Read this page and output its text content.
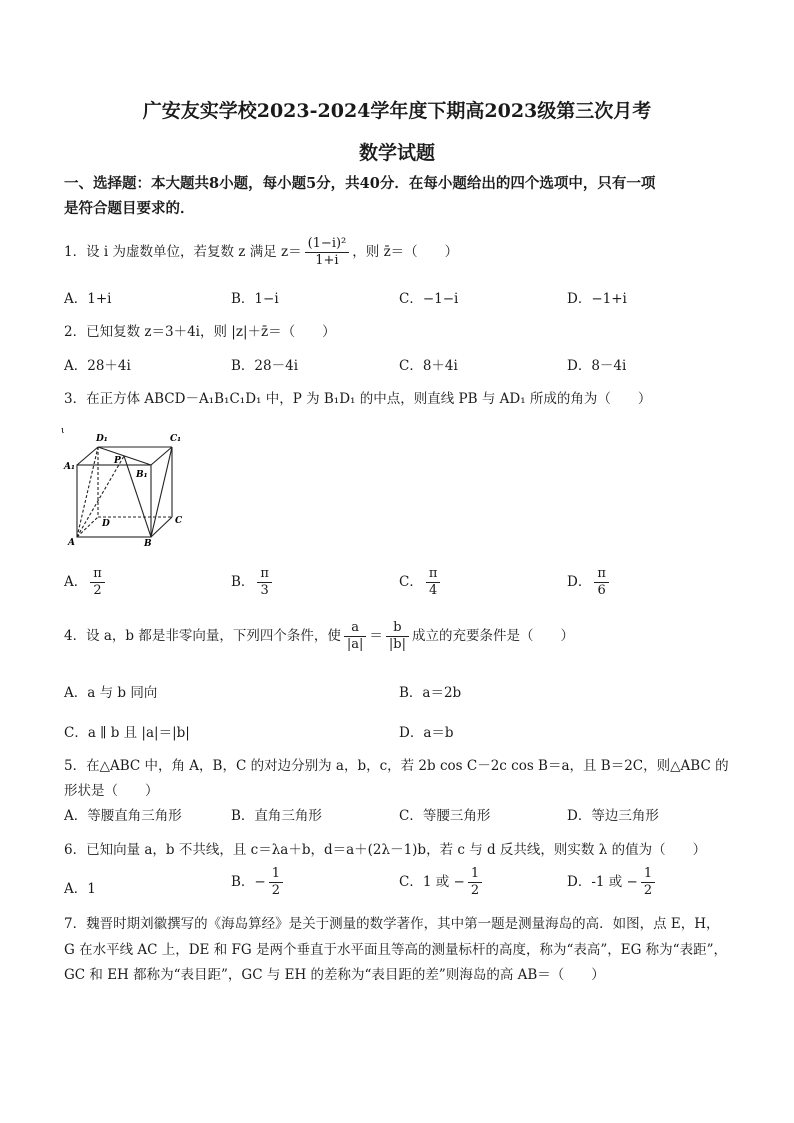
广安友实学校2023-2024学年度下期高2023级第三次月考
数学试题
一、选择题：本大题共8小题，每小题5分，共40分．在每小题给出的四个选项中，只有一项
是符合题目要求的．
1．设 i 为虚数单位，若复数 z 满足 $z= \frac{\text{(1−i)²}}{1+i}$ ，则 z̄＝（　　）
A．1+i	B．1−i	C．−1−i	D．−1+i
2．已知复数 z＝3＋4i，则 |z|＋z̄＝（　　）
A．28＋4i	B．28－4i	C．8＋4i	D．8－4i
3．在正方体 ABCD－A₁B₁C₁D₁ 中，P 为 B₁D₁ 的中点，则直线 PB 与 AD₁ 所成的角为（　　）
ι
D₁	C₁
A₁
P
B₁
D	C
A	B
A． $\frac{\pi}{2}$	B． $\frac{\pi}{3}$	C． $\frac{\pi}{4}$	D． $\frac{\pi}{6}$
4．设 a，b 都是非零向量，下列四个条件，使 $\frac{a}{|a|} = \frac{b}{|b|}$ 成立的充要条件是（　　）
A．a 与 b 同向	B．a＝2b
C．a ∥ b 且 |a|＝|b|	D．a＝b
5．在△ABC 中，角 A，B，C 的对边分别为 a，b，c，若 2b cos C－2c cos B＝a，且 B＝2C，则△ABC 的
形状是（　　）
A．等腰直角三角形	B．直角三角形	C．等腰三角形	D．等边三角形
6．已知向量 a，b 不共线，且 c＝λa＋b，d＝a＋(2λ－1)b，若 c 与 d 反共线，则实数 λ 的值为（　　）
A．1	B．− $\frac{1}{2}$	C．1 或 − $\frac{1}{2}$	D．-1 或 − $\frac{1}{2}$
7．魏晋时期刘徽撰写的《海岛算经》是关于测量的数学著作，其中第一题是测量海岛的高．如图，点 E，H，
G 在水平线 AC 上，DE 和 FG 是两个垂直于水平面且等高的测量标杆的高度，称为“表高”，EG 称为“表距”，
GC 和 EH 都称为“表目距”，GC 与 EH 的差称为“表目距的差”则海岛的高 AB＝（　　）
